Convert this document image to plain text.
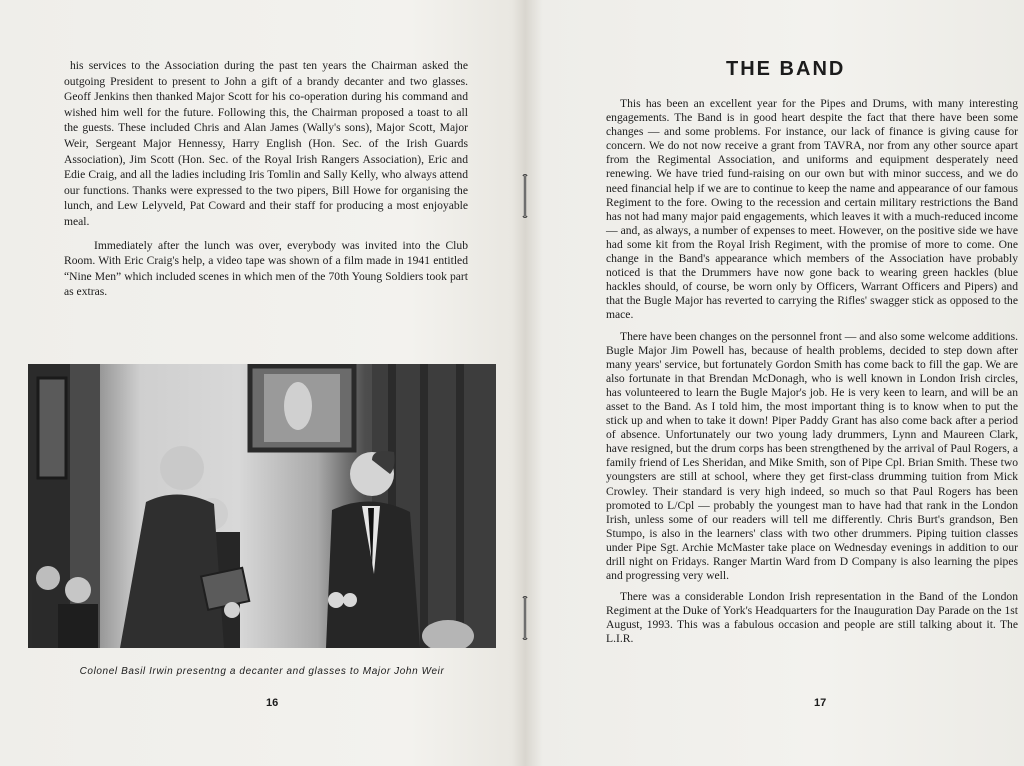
his services to the Association during the past ten years the Chairman asked the outgoing President to present to John a gift of a brandy decanter and two glasses. Geoff Jenkins then thanked Major Scott for his co-operation during his command and wished him well for the future. Following this, the Chairman proposed a toast to all the guests. These included Chris and Alan James (Wally's sons), Major Scott, Major Weir, Sergeant Major Hennessy, Harry English (Hon. Sec. of the Irish Guards Association), Jim Scott (Hon. Sec. of the Royal Irish Rangers Association), Eric and Edie Craig, and all the ladies including Iris Tomlin and Sally Kelly, who always attend our functions. Thanks were expressed to the two pipers, Bill Howe for organising the lunch, and Lew Lelyveld, Pat Coward and their staff for producing a most enjoyable meal.

Immediately after the lunch was over, everybody was invited into the Club Room. With Eric Craig's help, a video tape was shown of a film made in 1941 entitled “Nine Men” which included scenes in which men of the 70th Young Soldiers took part as extras.

Colonel Basil Irwin presentng a decanter and glasses to Major John Weir
16
THE BAND

This has been an excellent year for the Pipes and Drums, with many interesting engagements. The Band is in good heart despite the fact that there have been some changes — and some problems. For instance, our lack of finance is giving cause for concern. We do not now receive a grant from TAVRA, nor from any other source apart from the Regimental Association, and uniforms and equipment desperately need renewing. We have tried fund-raising on our own but with minor success, and we do need financial help if we are to continue to keep the name and appearance of our famous Regiment to the fore. Owing to the recession and certain military restrictions the Band has not had many major paid engagements, which leaves it with a much-reduced income — and, as always, a number of expenses to meet. However, on the positive side we have had some kit from the Royal Irish Regiment, with the promise of more to come. One change in the Band's appearance which members of the Association have probably noticed is that the Drummers have now gone back to wearing green hackles (blue hackles should, of course, be worn only by Officers, Warrant Officers and Pipers) and that the Bugle Major has reverted to carrying the Rifles' swagger stick as opposed to the mace.

There have been changes on the personnel front — and also some welcome additions. Bugle Major Jim Powell has, because of health problems, decided to step down after many years' service, but fortunately Gordon Smith has come back to fill the gap. We are also fortunate in that Brendan McDonagh, who is well known in London Irish circles, has volunteered to learn the Bugle Major's job. He is very keen to learn, and will be an asset to the Band. As I told him, the most important thing is to know when to put the stick up and when to take it down! Piper Paddy Grant has also come back after a period of absence. Unfortunately our two young lady drummers, Lynn and Maureen Clark, have resigned, but the drum corps has been strengthened by the arrival of Paul Rogers, a family friend of Les Sheridan, and Mike Smith, son of Pipe Cpl. Brian Smith. These two youngsters are still at school, where they get first-class drumming tuition from Mick Crowley. Their standard is very high indeed, so much so that Paul Rogers has been promoted to L/Cpl — probably the youngest man to have had that rank in the London Irish, unless some of our readers will tell me differently. Chris Burt's grandson, Ben Stumpo, is also in the learners' class with two other drummers. Piping tuition classes under Pipe Sgt. Archie McMaster take place on Wednesday evenings in addition to our drill night on Fridays. Ranger Martin Ward from D Company is also learning the pipes and progressing very well.

There was a considerable London Irish representation in the Band of the London Regiment at the Duke of York's Headquarters for the Inauguration Day Parade on the 1st August, 1993. This was a fabulous occasion and people are still talking about it. The L.I.R.

17
